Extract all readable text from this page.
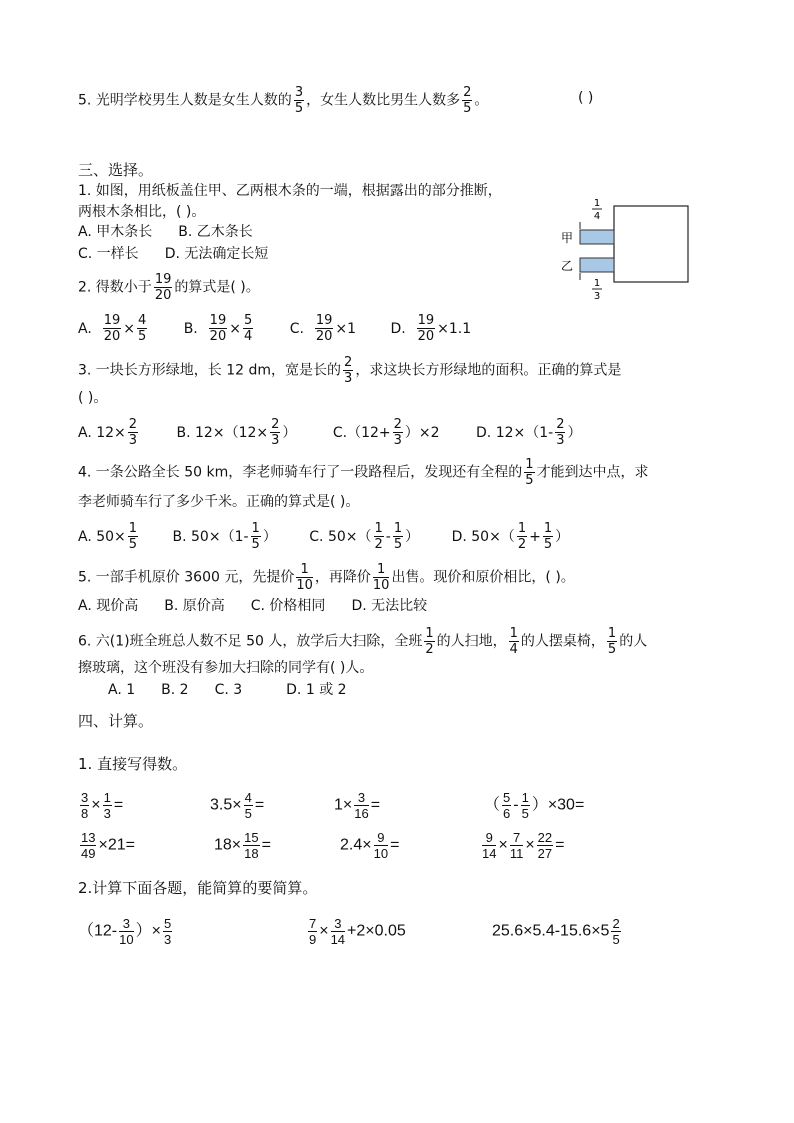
5. 光明学校男生人数是女生人数的 $\frac{3}{5}$ ，女生人数比男生人数多 $\frac{2}{5}$ 。	( )
三、选择。
1. 如图，用纸板盖住甲、乙两根木条的一端，根据露出的部分推断，
两根木条相比，( )。
A. 甲木条长 B. 乙木条长
C. 一样长 D. 无法确定长短
1
4
1
3
甲
乙
2. 得数小于 $\frac{19}{20}$ 的算式是( )。
A. $\frac{19}{20} \times \frac{4}{5}$	B. $\frac{19}{20} \times \frac{5}{4}$	C. $\frac{19}{20} \times 1$ D. $\frac{19}{20} \times 1.1$
3. 一块长方形绿地，长 12 dm，宽是长的 $\frac{2}{3}$ ，求这块长方形绿地的面积。正确的算式是
( )。
A. $12\times \frac{2}{3}$	B. $12\times(12\times \frac{2}{3}$ ）	$C.(12+ \frac{2}{3} )\times 2$	D. $12\times(1- \frac{2}{3}$ ）
4. 一条公路全长 50 km，李老师骑车行了一段路程后，发现还有全程的 $\frac{1}{5}$ 才能到达中点，求
李老师骑车行了多少千米。正确的算式是( )。
A. $50\times \frac{1}{5} B$. $50\times(1- \frac{1}{5}$ ） C. $50\times( \frac{1}{2} - \frac{1}{5}$ ） D. $50\times( \frac{1}{2} + \frac{1}{5}$ ）
5. 一部手机原价 3600 元，先提价 $\frac{1}{10}$ ，再降价 $\frac{1}{10}$ 出售。现价和原价相比，( )。
A. 现价高 B. 原价高 C. 价格相同 D. 无法比较
6. 六(1)班全班总人数不足 50 人，放学后大扫除，全班 $\frac{1}{2}$ 的人扫地， $\frac{1}{4}$ 的人摆桌椅， $\frac{1}{5}$ 的人
擦玻璃，这个班没有参加大扫除的同学有( )人。
A. 1 B. 2 C. 3	D. 1 或 2
四、计算。
1. 直接写得数。
$\frac{3}{8} \times \frac{1}{3}$ =	$3.5\times \frac{4}{5}$ =	$1\times \frac{3}{16}$ =	（ $\frac{5}{6} - \frac{1}{5} )\times 30=$
$\frac{13}{49} \times 21=$	$18\times \frac{15}{18}$ =	$2.4\times \frac{9}{10}$ =	$\frac{9}{14} \times \frac{7}{11} \times \frac{22}{27}$ =
2.计算下面各题，能简算的要简算。
（$12- \frac{3}{10}$ ）× $\frac{5}{3}$	$\frac{7}{9} \times \frac{3}{14} +2\times 0.05$	$25.6\times 5.4-15.6\times 5 \frac{2}{5}$
